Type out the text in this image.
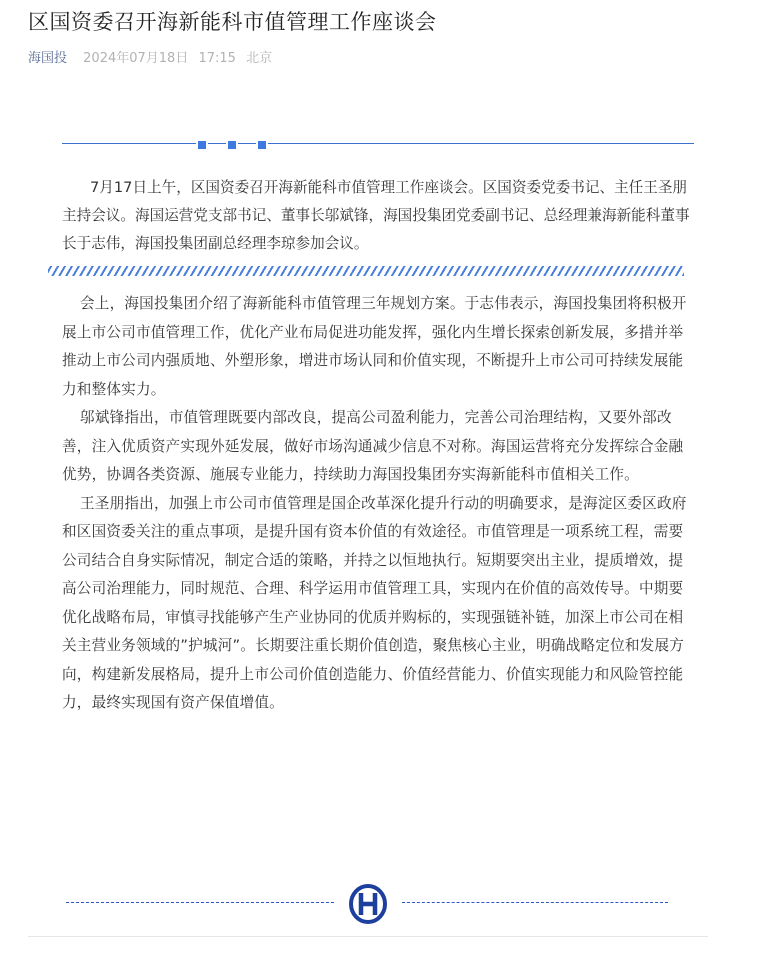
区国资委召开海新能科市值管理工作座谈会
海国投 2024年07月18日 17:15 北京

7月17日上午，区国资委召开海新能科市值管理工作座谈会。区国资委党委书记、主任王圣朋主持会议。海国运营党支部书记、董事长邬斌锋，海国投集团党委副书记、总经理兼海新能科董事长于志伟，海国投集团副总经理李琼参加会议。

会上，海国投集团介绍了海新能科市值管理三年规划方案。于志伟表示，海国投集团将积极开展上市公司市值管理工作，优化产业布局促进功能发挥，强化内生增长探索创新发展，多措并举推动上市公司内强质地、外塑形象，增进市场认同和价值实现，不断提升上市公司可持续发展能力和整体实力。

邬斌锋指出，市值管理既要内部改良，提高公司盈利能力，完善公司治理结构，又要外部改善，注入优质资产实现外延发展，做好市场沟通减少信息不对称。海国运营将充分发挥综合金融优势，协调各类资源、施展专业能力，持续助力海国投集团夯实海新能科市值相关工作。

王圣朋指出，加强上市公司市值管理是国企改革深化提升行动的明确要求，是海淀区委区政府和区国资委关注的重点事项，是提升国有资本价值的有效途径。市值管理是一项系统工程，需要公司结合自身实际情况，制定合适的策略，并持之以恒地执行。短期要突出主业，提质增效，提高公司治理能力，同时规范、合理、科学运用市值管理工具，实现内在价值的高效传导。中期要优化战略布局，审慎寻找能够产生产业协同的优质并购标的，实现强链补链，加深上市公司在相关主营业务领域的”护城河”。长期要注重长期价值创造，聚焦核心主业，明确战略定位和发展方向，构建新发展格局，提升上市公司价值创造能力、价值经营能力、价值实现能力和风险管控能力，最终实现国有资产保值增值。
